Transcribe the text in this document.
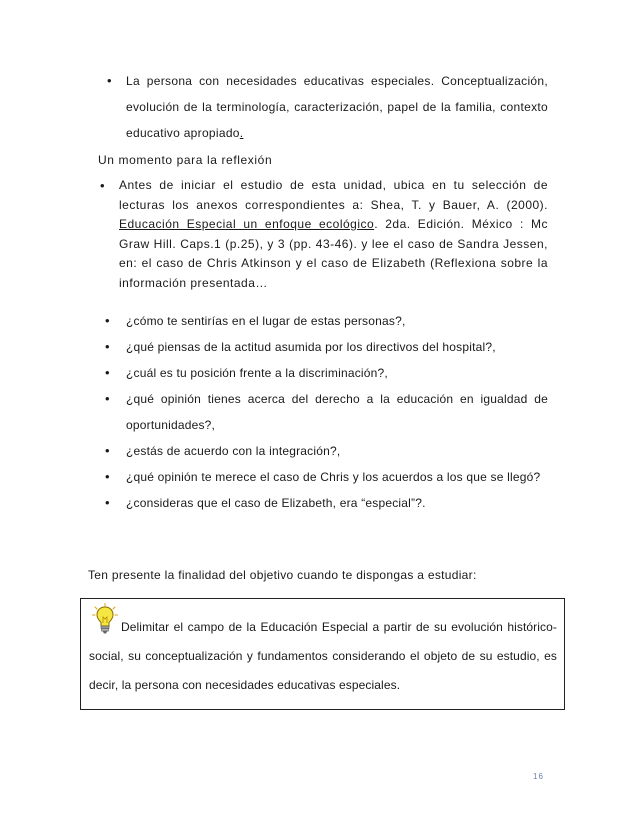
• La persona con necesidades educativas especiales. Conceptualización, evolución de la terminología, caracterización, papel de la familia, contexto educativo apropiado.
Un momento para la reflexión
• Antes de iniciar el estudio de esta unidad, ubica en tu selección de lecturas los anexos correspondientes a: Shea, T. y Bauer, A. (2000). Educación Especial un enfoque ecológico. 2da. Edición. México : Mc Graw Hill. Caps.1 (p.25), y 3 (pp. 43-46). y lee el caso de Sandra Jessen, en: el caso de Chris Atkinson y el caso de Elizabeth (Reflexiona sobre la información presentada…
• ¿cómo te sentirías en el lugar de estas personas?,
• ¿qué piensas de la actitud asumida por los directivos del hospital?,
• ¿cuál es tu posición frente a la discriminación?,
• ¿qué opinión tienes acerca del derecho a la educación en igualdad de oportunidades?,
• ¿estás de acuerdo con la integración?,
• ¿qué opinión te merece el caso de Chris y los acuerdos a los que se llegó?
• ¿consideras que el caso de Elizabeth, era “especial”?.

Ten presente la finalidad del objetivo cuando te dispongas a estudiar:

Delimitar el campo de la Educación Especial a partir de su evolución histórico-social, su conceptualización y fundamentos considerando el objeto de su estudio, es decir, la persona con necesidades educativas especiales.

16
